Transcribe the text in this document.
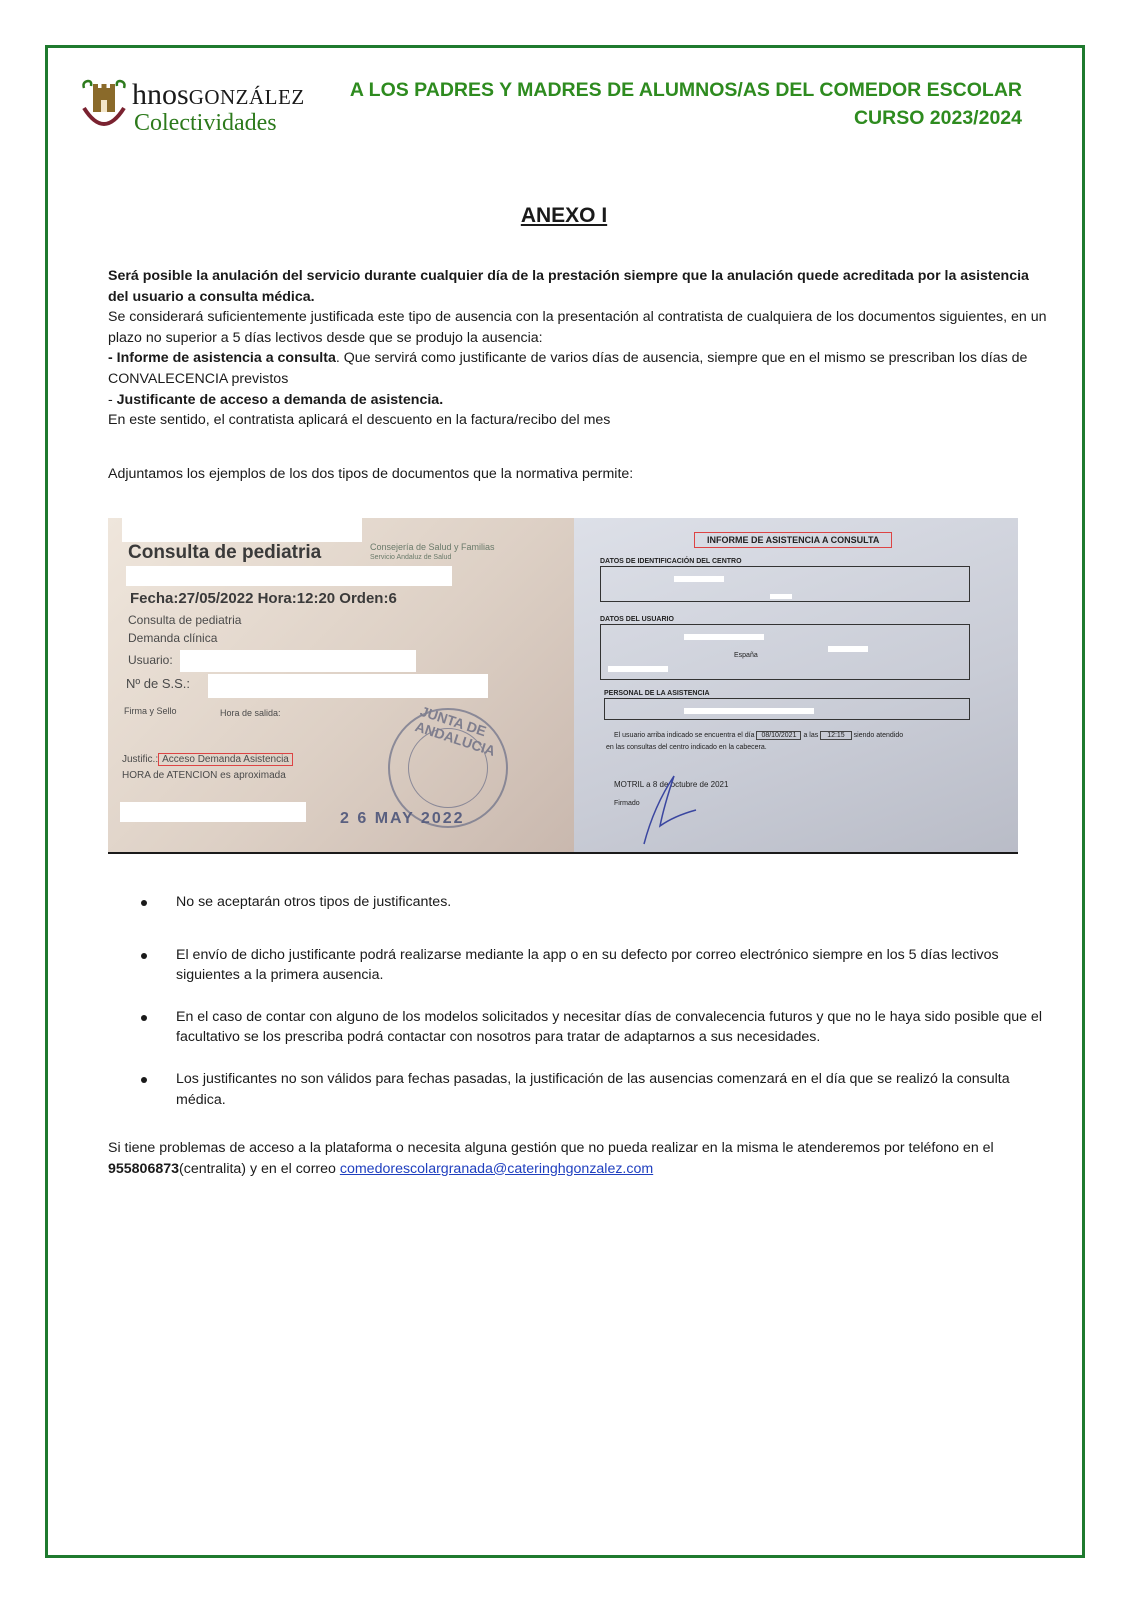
hnosGONZÁLEZ
Colectividades
A LOS PADRES Y MADRES DE ALUMNOS/AS DEL COMEDOR ESCOLAR
CURSO 2023/2024
ANEXO I

Será posible la anulación del servicio durante cualquier día de la prestación siempre que la anulación quede acreditada por la asistencia del usuario a consulta médica.

Se considerará suficientemente justificada este tipo de ausencia con la presentación al contratista de cualquiera de los documentos siguientes, en un plazo no superior a 5 días lectivos desde que se produjo la ausencia:

- Informe de asistencia a consulta. Que servirá como justificante de varios días de ausencia, siempre que en el mismo se prescriban los días de CONVALECENCIA previstos

- Justificante de acceso a demanda de asistencia.

En este sentido, el contratista aplicará el descuento en la factura/recibo del mes

Adjuntamos los ejemplos de los dos tipos de documentos que la normativa permite:
Consulta de pediatria	Consejería de Salud y Familias
Servicio Andaluz de Salud
Fecha:27/05/2022 Hora:12:20 Orden:6
Consulta de pediatria
Demanda clínica
Usuario:
Nº de S.S.:
Firma y Sello	Hora de salida:
Justific.: Acceso Demanda Asistencia
HORA de ATENCION es aproximada
JUNTA DE ANDALUCIA
2 6 MAY 2022
INFORME DE ASISTENCIA A CONSULTA
DATOS DE IDENTIFICACIÓN DEL CENTRO
DATOS DEL USUARIO
España
PERSONAL DE LA ASISTENCIA
El usuario arriba indicado se encuentra el día 08/10/2021 a las 12:15 siendo atendido
en las consultas del centro indicado en la cabecera.
MOTRIL a 8 de octubre de 2021
Firmado
No se aceptarán otros tipos de justificantes.
El envío de dicho justificante podrá realizarse mediante la app o en su defecto por correo electrónico siempre en los 5 días lectivos siguientes a la primera ausencia.
En el caso de contar con alguno de los modelos solicitados y necesitar días de convalecencia futuros y que no le haya sido posible que el facultativo se los prescriba podrá contactar con nosotros para tratar de adaptarnos a sus necesidades.
Los justificantes no son válidos para fechas pasadas, la justificación de las ausencias comenzará en el día que se realizó la consulta médica.
Si tiene problemas de acceso a la plataforma o necesita alguna gestión que no pueda realizar en la misma le atenderemos por teléfono en el 955806873(centralita) y en el correo comedorescolargranada@cateringhgonzalez.com
